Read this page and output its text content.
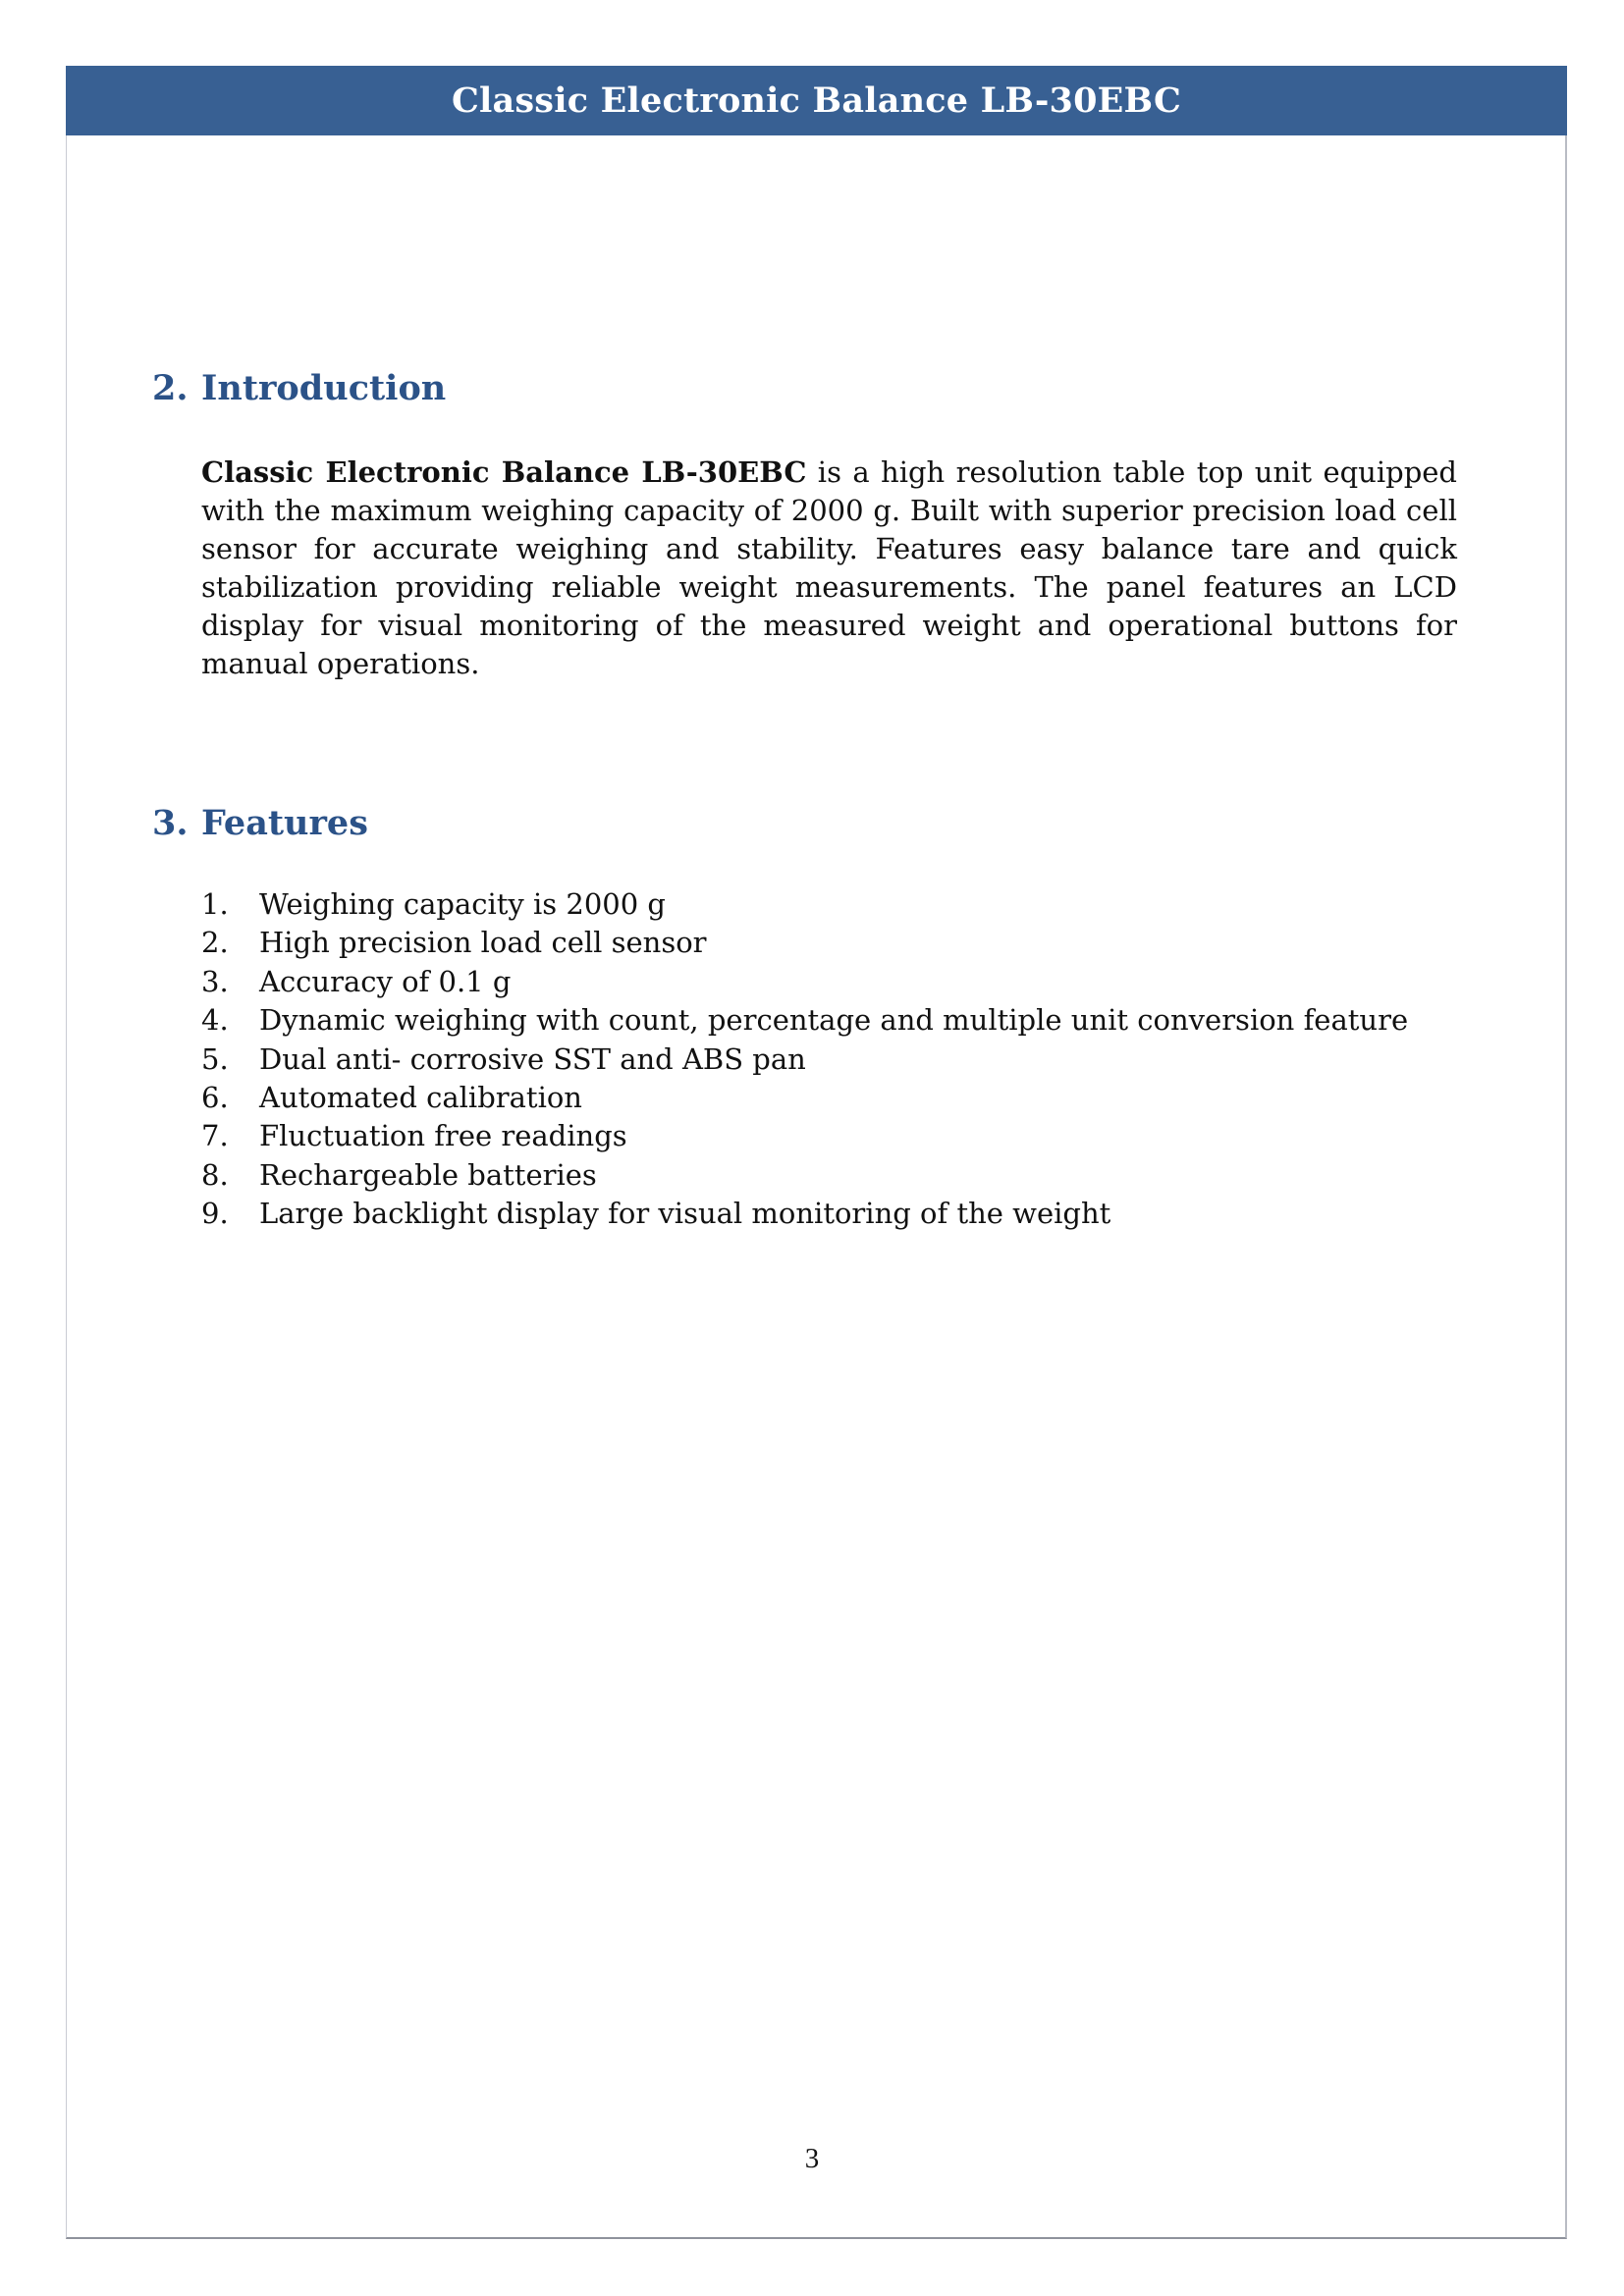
Classic Electronic Balance LB-30EBC
2. Introduction

Classic Electronic Balance LB-30EBC is a high resolution table top unit equipped with the maximum weighing capacity of 2000 g. Built with superior precision load cell sensor for accurate weighing and stability. Features easy balance tare and quick stabilization providing reliable weight measurements. The panel features an LCD display for visual monitoring of the measured weight and operational buttons for manual operations.

3. Features
1.	Weighing capacity is 2000 g
2.	High precision load cell sensor
3.	Accuracy of 0.1 g
4.	Dynamic weighing with count, percentage and multiple unit conversion feature
5.	Dual anti- corrosive SST and ABS pan
6.	Automated calibration
7.	Fluctuation free readings
8.	Rechargeable batteries
9.	Large backlight display for visual monitoring of the weight
3
